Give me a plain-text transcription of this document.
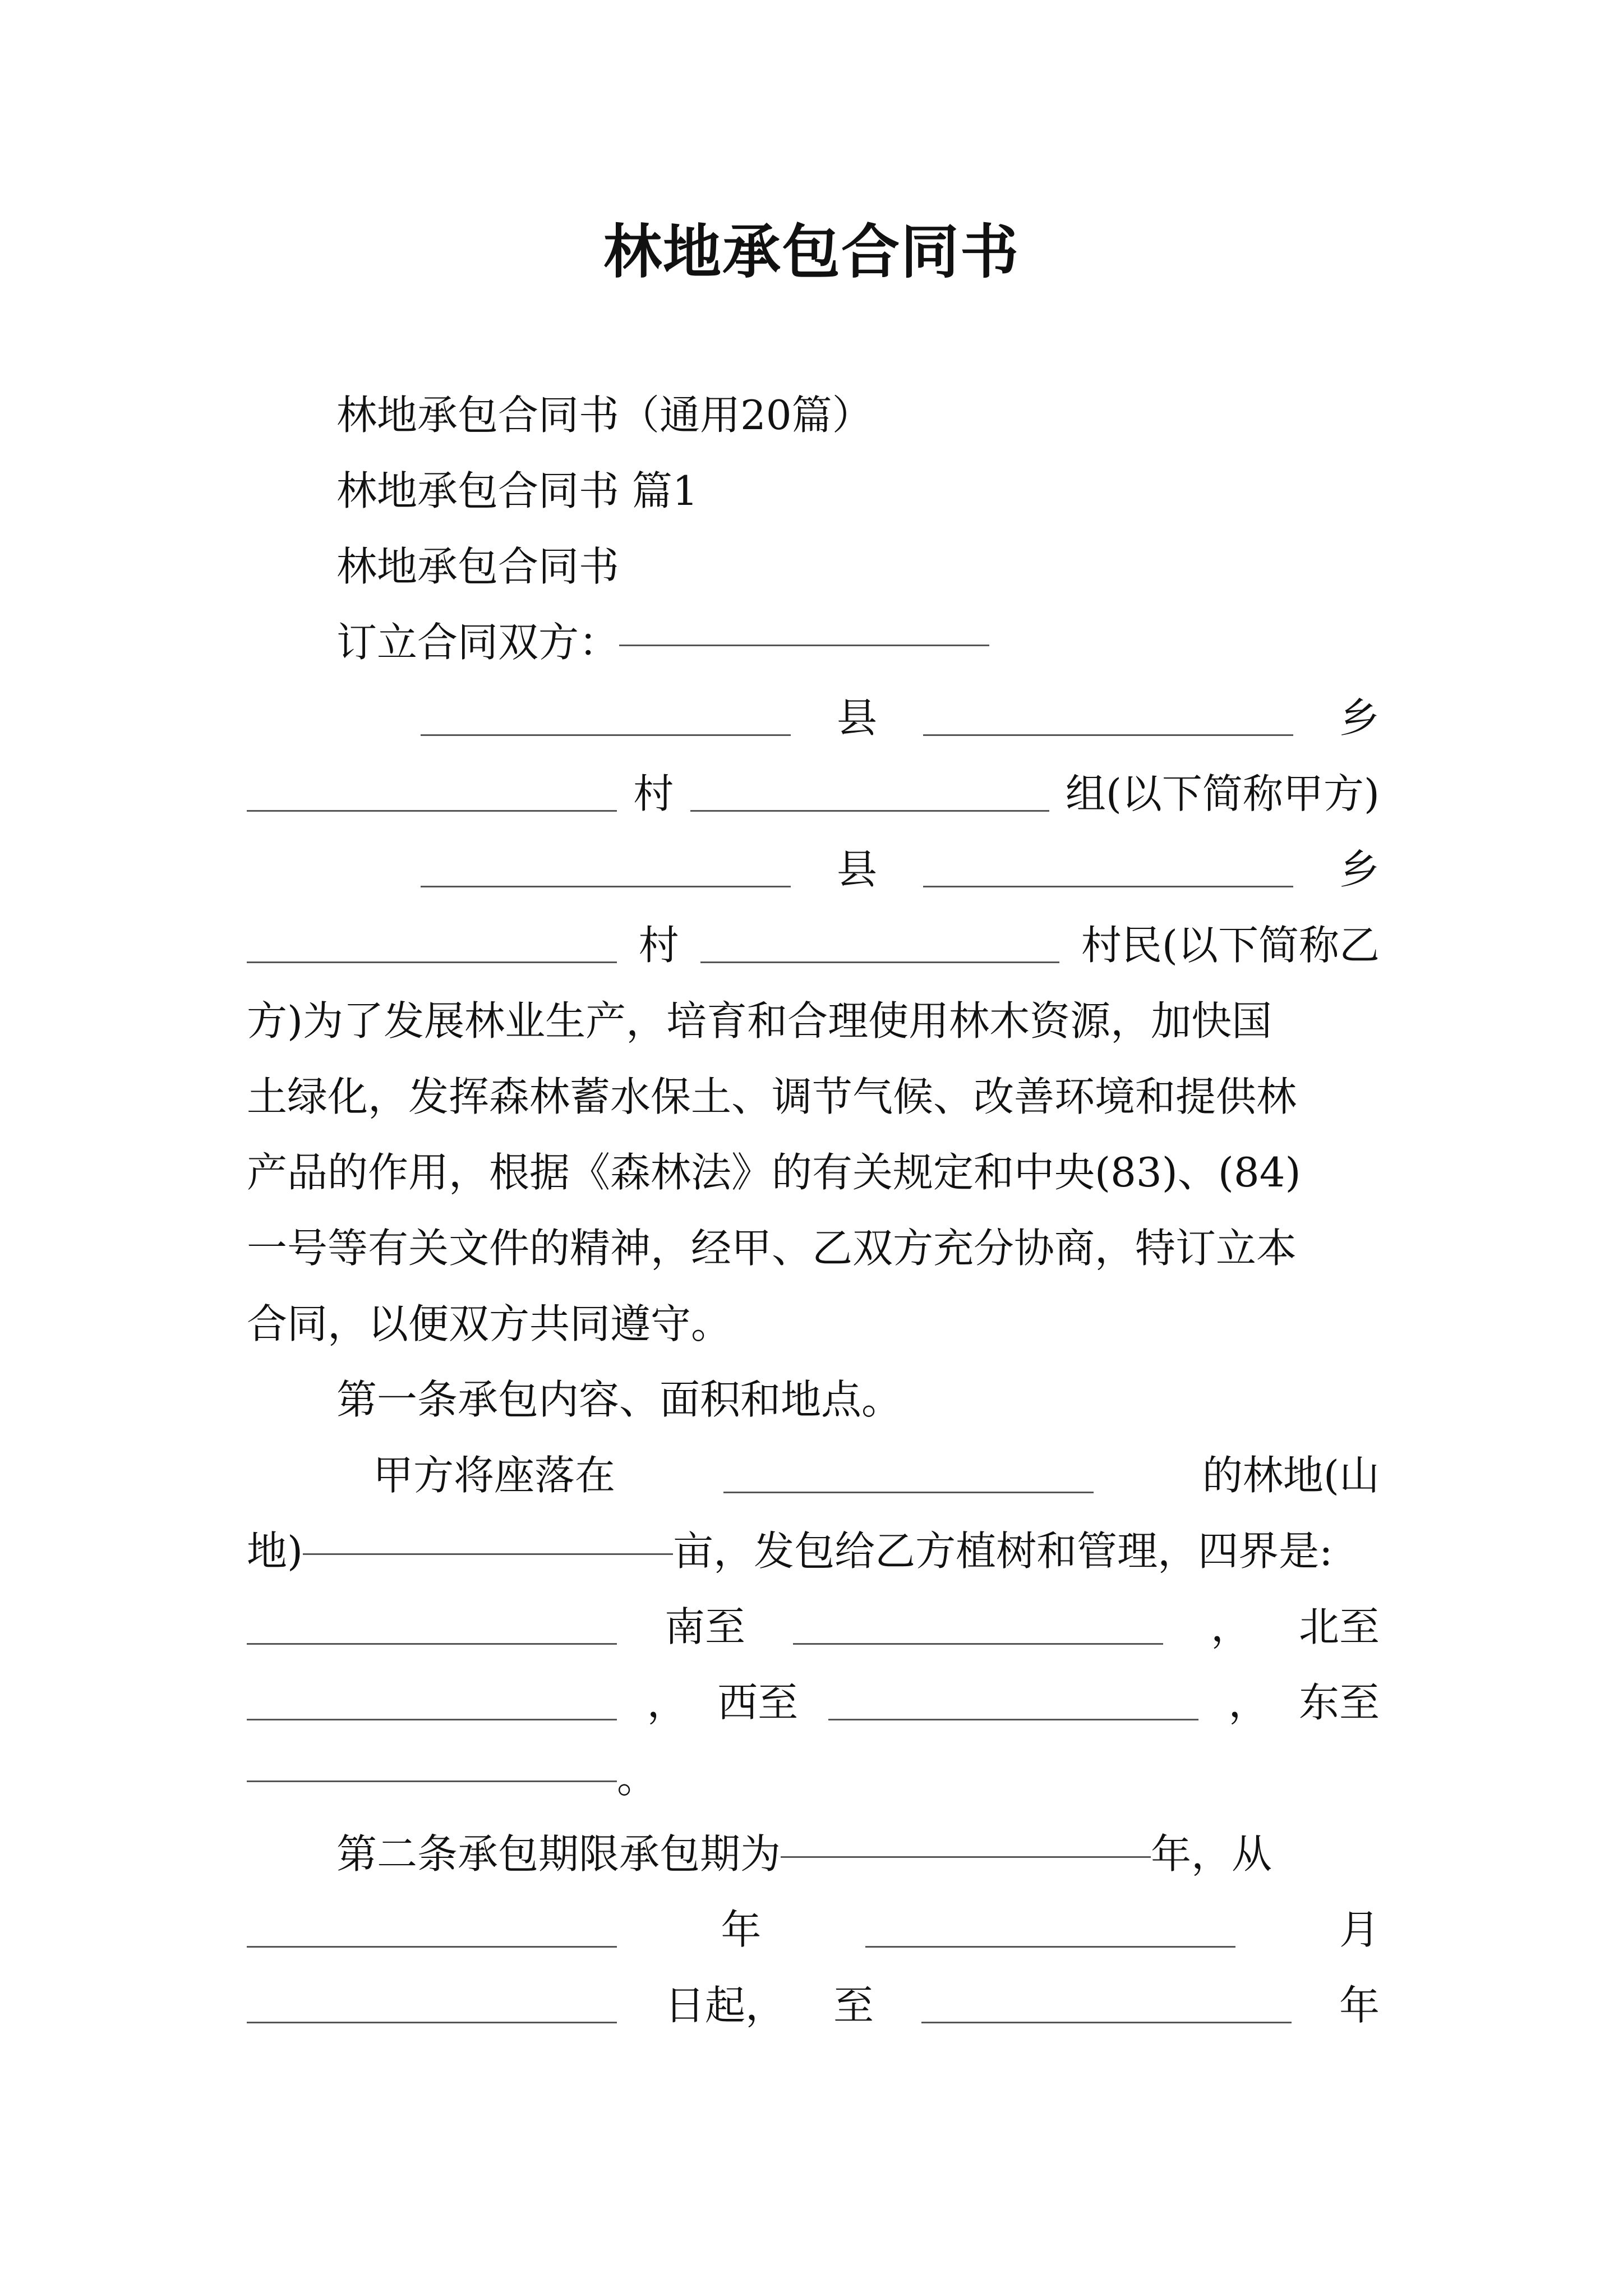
林地承包合同书
林地承包合同书（通用20篇）
林地承包合同书 篇1
林地承包合同书
订立合同双方：
县	乡
村	组(以下简称甲方)
县	乡
村	村民(以下简称乙
方)为了发展林业生产，培育和合理使用林木资源，加快国
土绿化，发挥森林蓄水保土、调节气候、改善环境和提供林
产品的作用，根据《森林法》的有关规定和中央(83)、(84)
一号等有关文件的精神，经甲、乙双方充分协商，特订立本
合同，以便双方共同遵守。
第一条承包内容、面积和地点。
甲方将座落在	的林地(山
地)	亩，发包给乙方植树和管理，四界是:
南至	， 北至
， 西至	， 东至
。
第二条承包期限承包期为	年，从
年	月
日起， 至	年
